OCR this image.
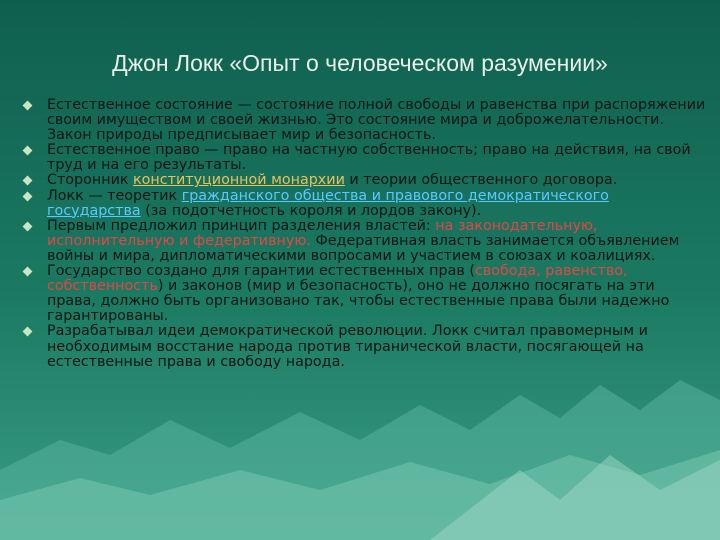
Джон Локк «Опыт о человеческом разумении»
Естественное состояние — состояние полной свободы и равенства при распоряжении своим имуществом и своей жизнью. Это состояние мира и доброжелательности. Закон природы предписывает мир и безопасность.
Естественное право — право на частную собственность; право на действия, на свой труд и на его результаты.
Сторонник конституционной монархии и теории общественного договора.
Локк — теоретик гражданского общества и правового демократического государства (за подотчетность короля и лордов закону).
Первым предложил принцип разделения властей: на законодательную, исполнительную и федеративную. Федеративная власть занимается объявлением войны и мира, дипломатическими вопросами и участием в союзах и коалициях.
Государство создано для гарантии естественных прав (свобода, равенство, собственность) и законов (мир и безопасность), оно не должно посягать на эти права, должно быть организовано так, чтобы естественные права были надежно гарантированы.
Разрабатывал идеи демократической революции. Локк считал правомерным и необходимым восстание народа против тиранической власти, посягающей на естественные права и свободу народа.
